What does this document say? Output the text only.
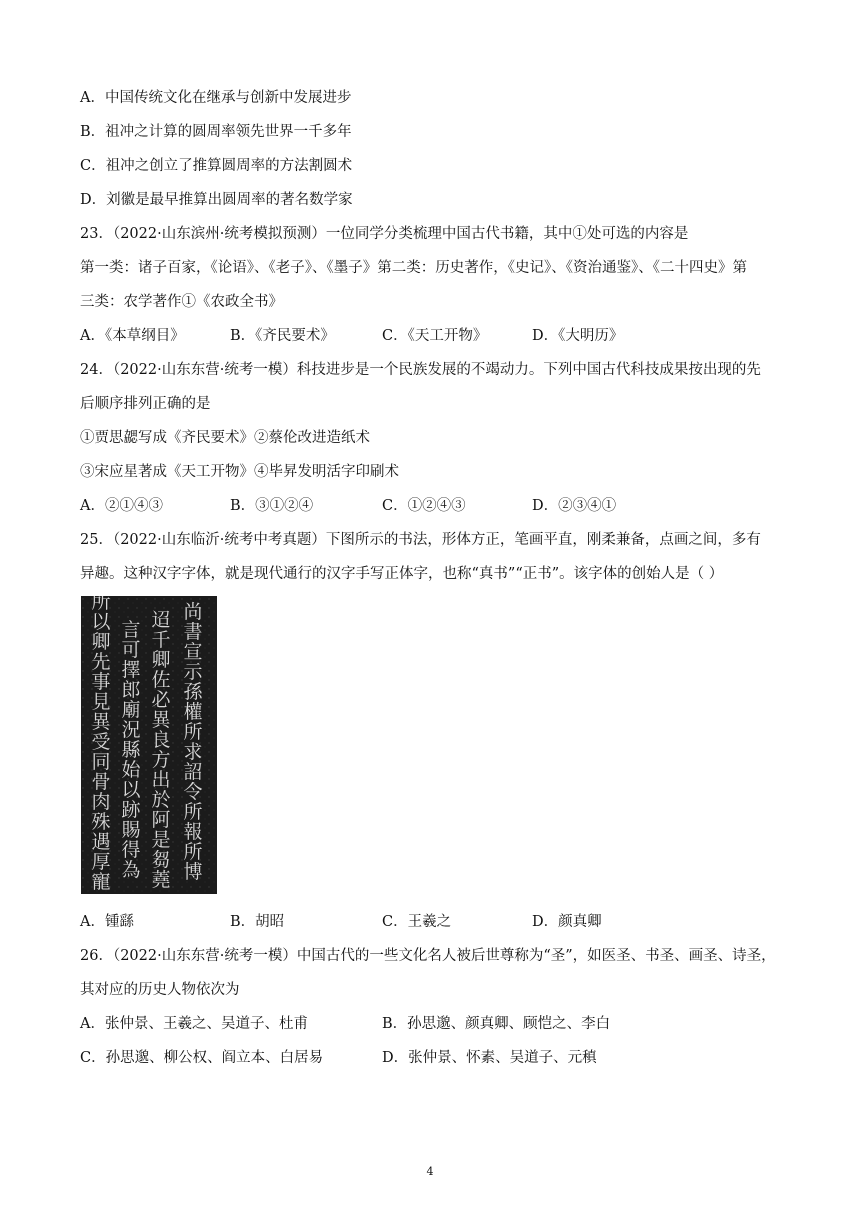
A．中国传统文化在继承与创新中发展进步
B．祖冲之计算的圆周率领先世界一千多年
C．祖冲之创立了推算圆周率的方法割圆术
D．刘徽是最早推算出圆周率的著名数学家
23．（2022·山东滨州·统考模拟预测）一位同学分类梳理中国古代书籍，其中①处可选的内容是
第一类：诸子百家，《论语》、《老子》、《墨子》第二类：历史著作，《史记》、《资治通鉴》、《二十四史》第
三类：农学著作①《农政全书》
A．《本草纲目》	B．《齐民要术》	C．《天工开物》	D．《大明历》
24．（2022·山东东营·统考一模）科技进步是一个民族发展的不竭动力。下列中国古代科技成果按出现的先
后顺序排列正确的是
①贾思勰写成《齐民要术》②蔡伦改进造纸术
③宋应星著成《天工开物》④毕昇发明活字印刷术
A．②①④③	B．③①②④	C．①②④③	D．②③④①
25．（2022·山东临沂·统考中考真题）下图所示的书法，形体方正，笔画平直，刚柔兼备，点画之间，多有
异趣。这种汉字字体，就是现代通行的汉字手写正体字，也称“真书”“正书”。该字体的创始人是（ ）
尚
書
宣
示
孫
權
所
求
詔
令
所
報
所
博
迢
千
卿
佐
必
異
良
方
出
於
阿
是
芻
蕘
言
可
擇
郎
廟
況
縣
始
以
跡
賜
得
為
所
以
卿
先
事
見
異
受
同
骨
肉
殊
遇
厚
寵
A．锺繇	B．胡昭	C．王羲之	D．颜真卿
26．（2022·山东东营·统考一模）中国古代的一些文化名人被后世尊称为“圣”，如医圣、书圣、画圣、诗圣，
其对应的历史人物依次为
A．张仲景、王羲之、吴道子、杜甫	B．孙思邈、颜真卿、顾恺之、李白
C．孙思邈、柳公权、阎立本、白居易	D．张仲景、怀素、吴道子、元稹
4
